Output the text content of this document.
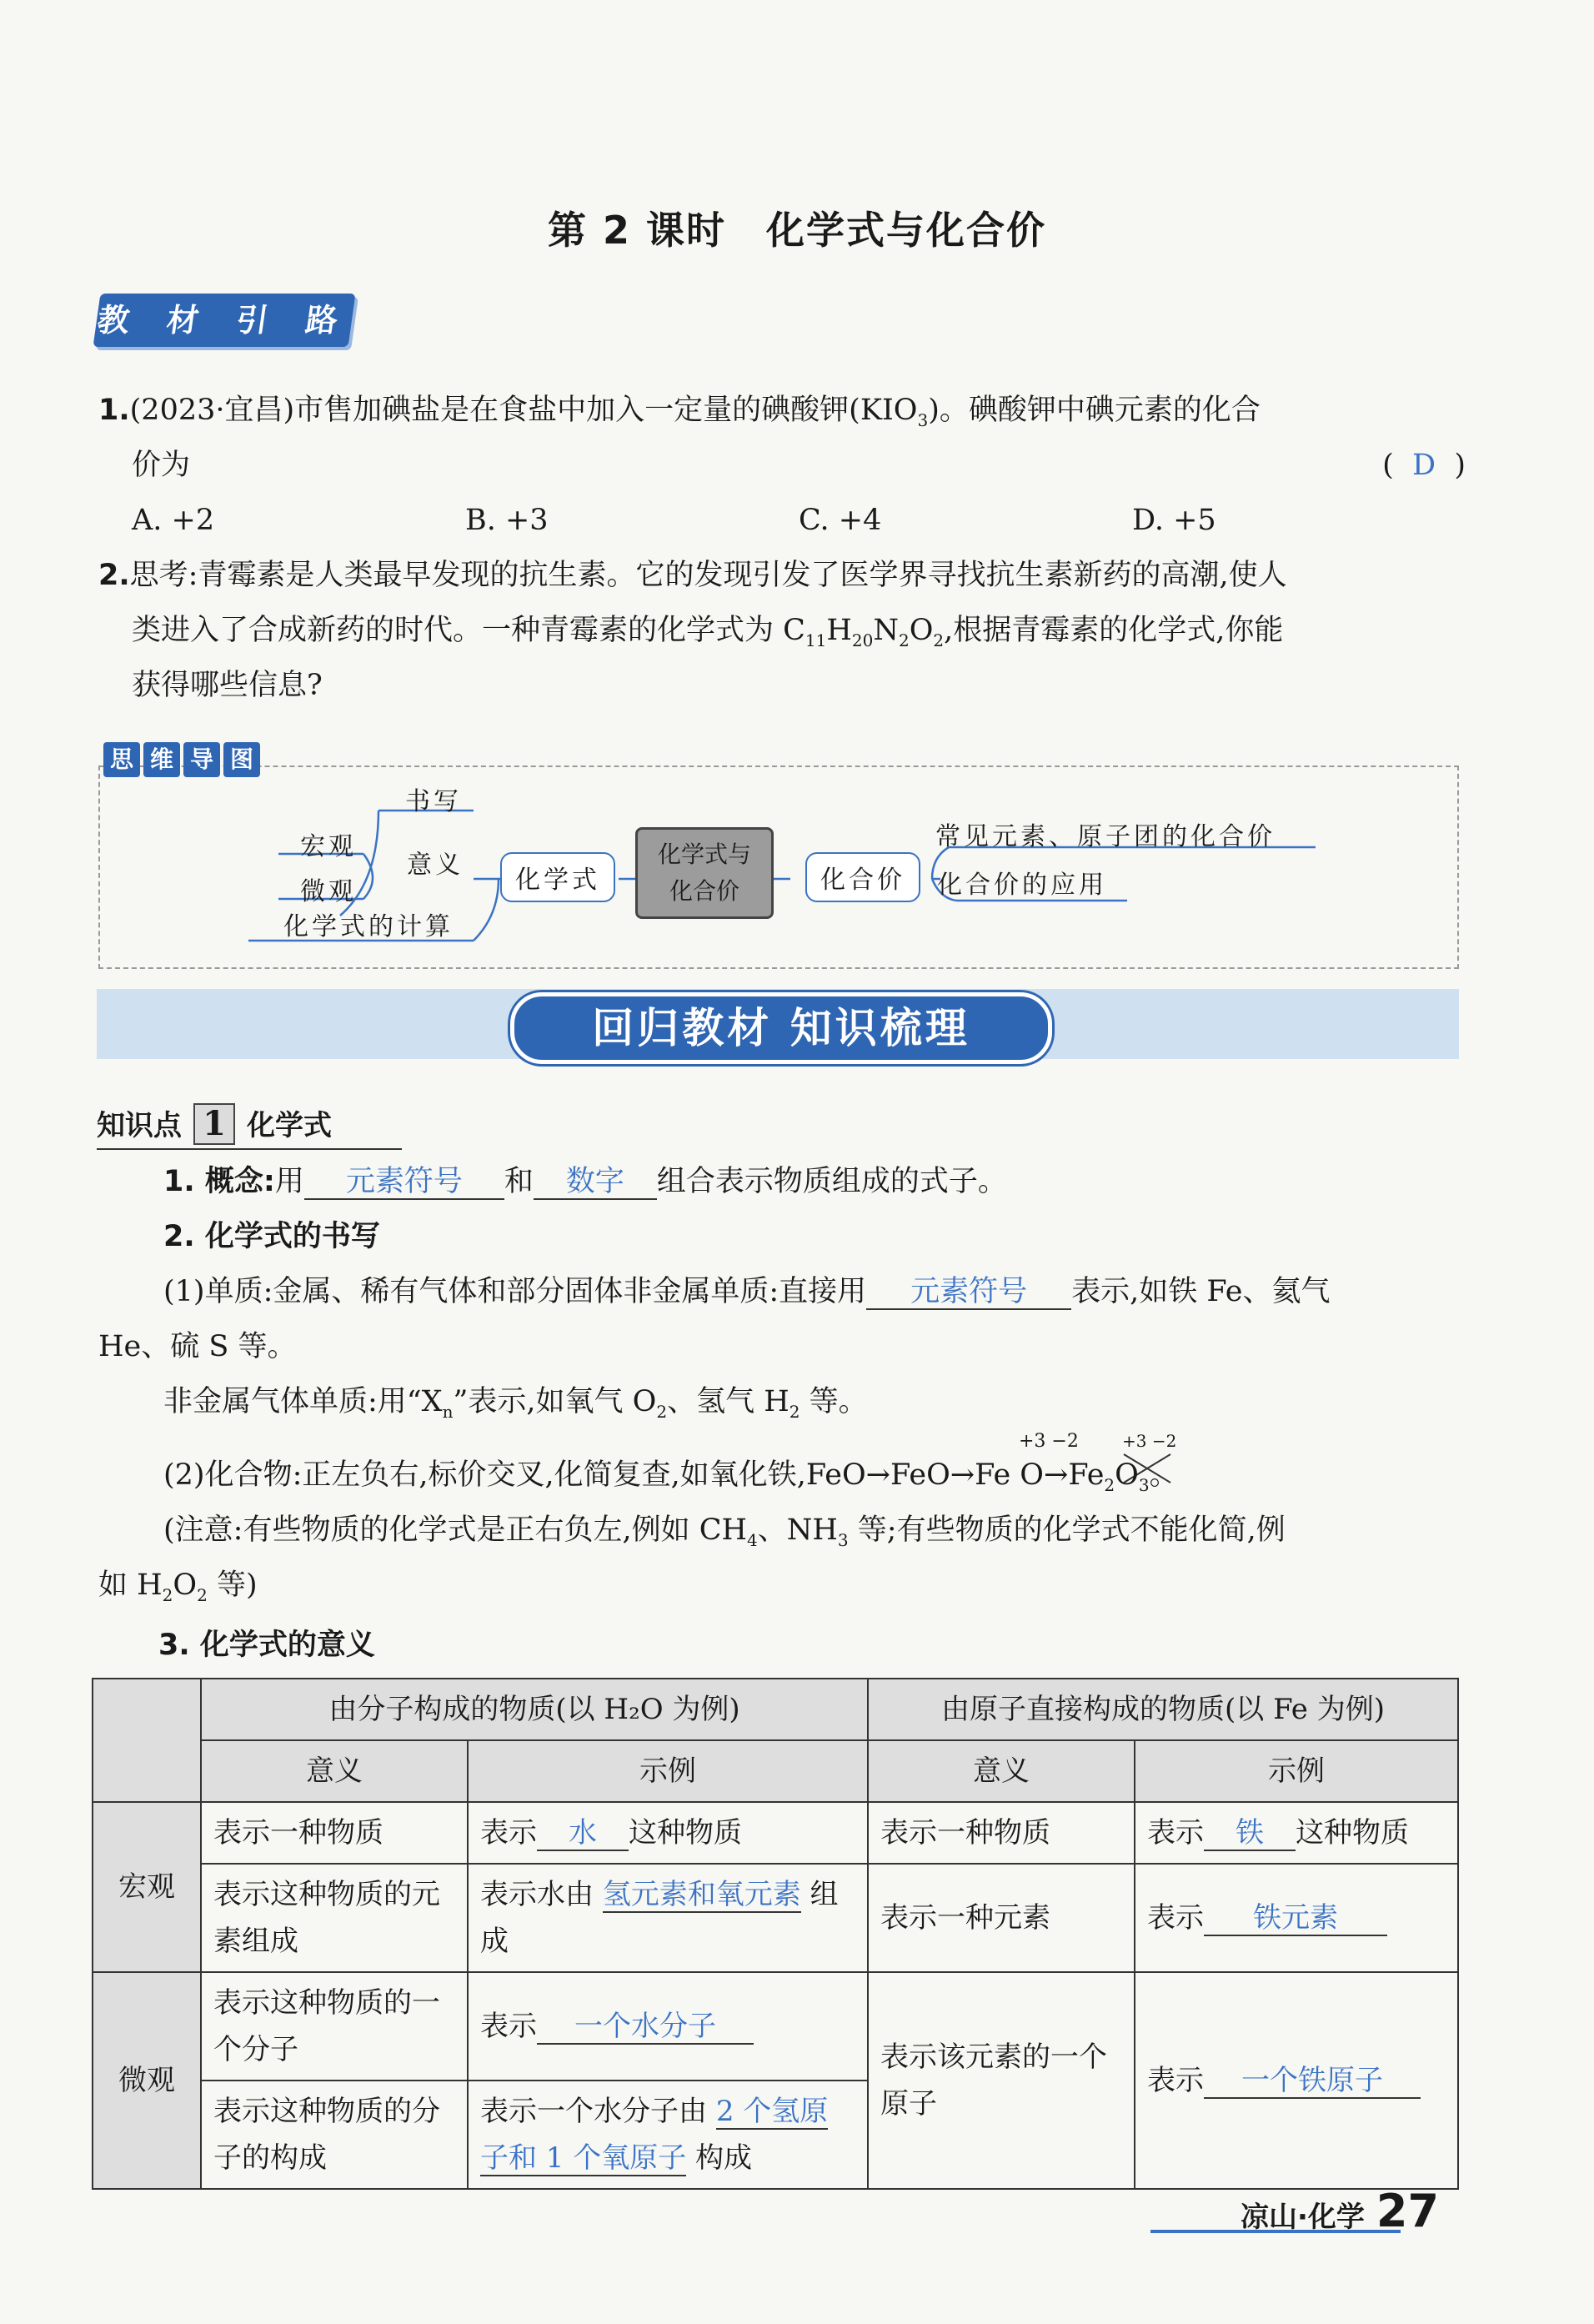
第 2 课时　化学式与化合价
教 材 引 路
1.(2023·宜昌)市售加碘盐是在食盐中加入一定量的碘酸钾$(KIO_3)$。碘酸钾中碘元素的化合
价为	(  D  )
A. +2	B. +3	C. +4	D. +5
2.思考:青霉素是人类最早发现的抗生素。它的发现引发了医学界寻找抗生素新药的高潮,使人
类进入了合成新药的时代。一种青霉素的化学式为 $C_{11}H_{20}N_2O_2$,根据青霉素的化学式,你能
获得哪些信息?
思 维 导 图
书写
宏观
意义
微观
化学式的计算
化学式
化学式与
化合价	化合价
常见元素、原子团的化合价
化合价的应用
回归教材 知识梳理
知识点 1 化学式
1. 概念:用 元素符号 和 数字 组合表示物质组成的式子。
2. 化学式的书写
(1)单质:金属、稀有气体和部分固体非金属单质:直接用 元素符号 表示,如铁 Fe、氦气
He、硫 S 等。
非金属气体单质:用“$X_n$”表示,如氧气 $O_2$、氢气 $H_2$ 等。
+3 −2	+3 −2
(2)化合物:正左负右,标价交叉,化简复查,如氧化铁,FeO→FeO→Fe $O\to Fe_2O_3$。
(注意:有些物质的化学式是正右负左,例如 $CH_4$、$NH_3$ 等;有些物质的化学式不能化简,例
如 $H_2O_2$ 等)
3. 化学式的意义
	由分子构成的物质(以 H₂O 为例)		由原子直接构成的物质(以 Fe 为例)	
	意义	示例	意义	示例
宏观	表示一种物质	表示 水 这种物质	表示一种物质	表示 铁 这种物质
	表示这种物质的元素组成	表示水由 氢元素和氧元素 组成	表示一种元素	表示 铁元素
微观	表示这种物质的一个分子	表示 一个水分子	表示该元素的一个原子	表示 一个铁原子
	表示这种物质的分子的构成	表示一个水分子由 2 个氢原子和 1 个氧原子 构成		
凉山·化学 27
